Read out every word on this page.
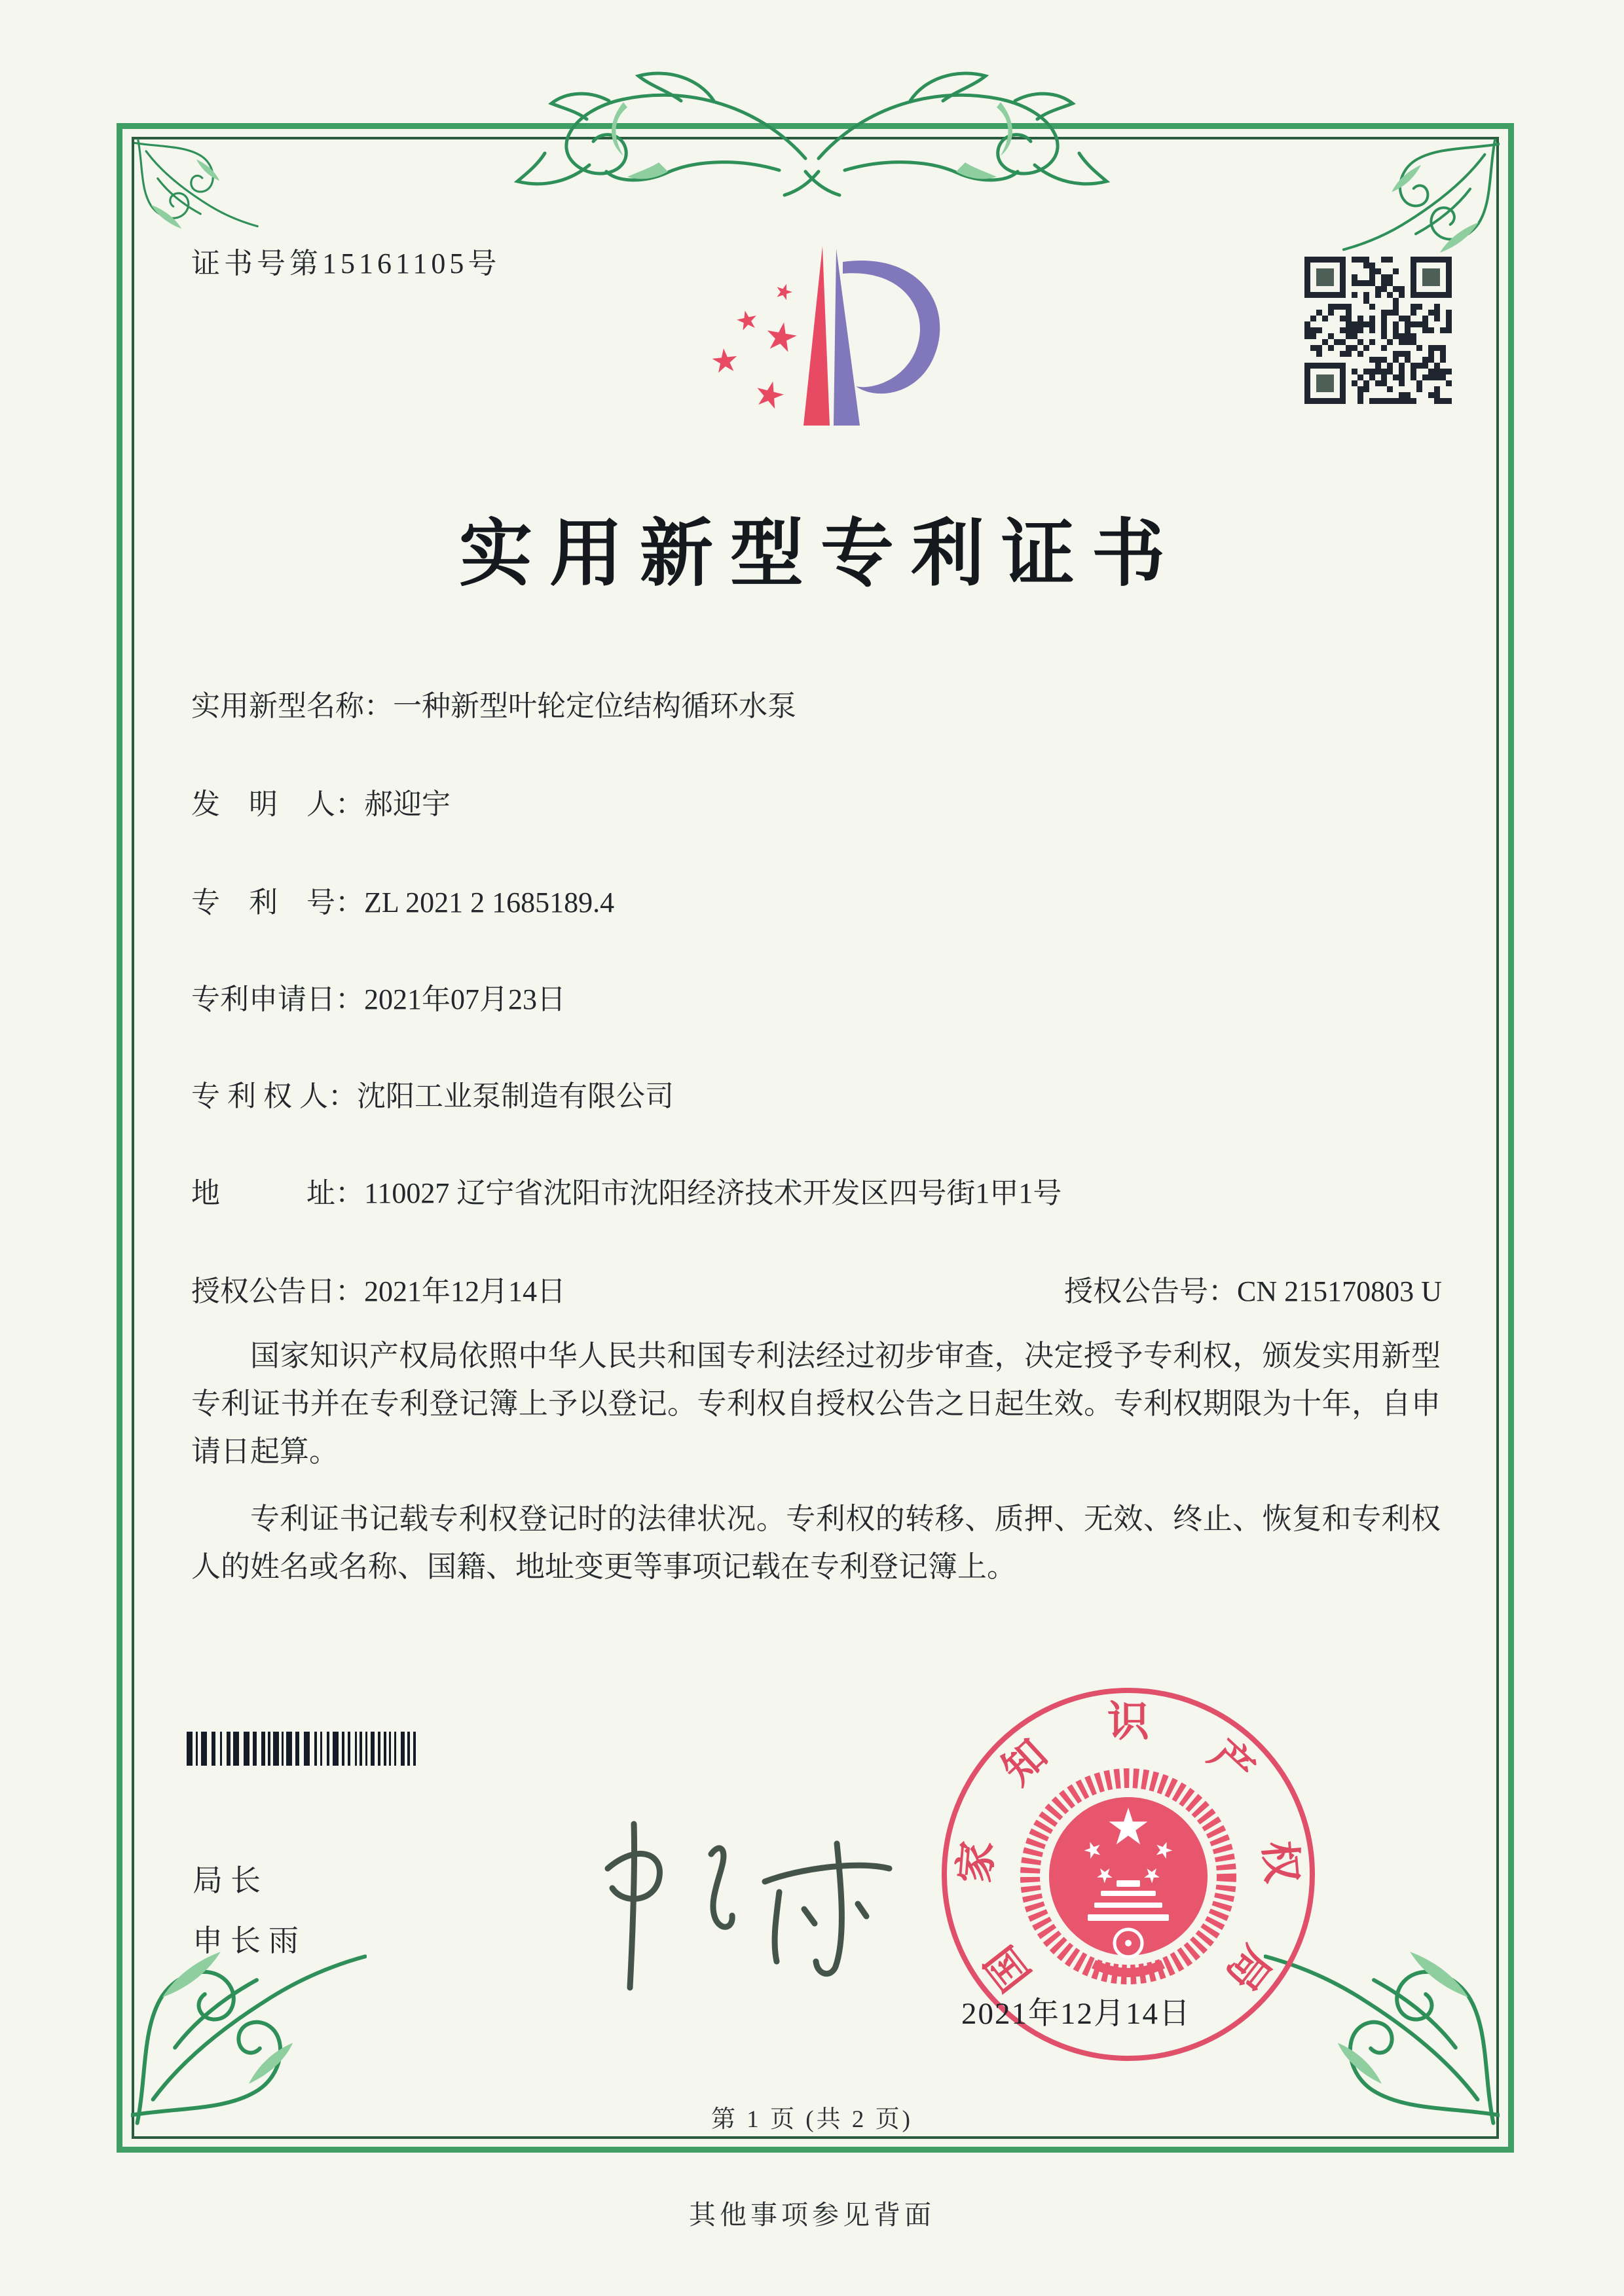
证书号第15161105号
实用新型专利证书
实用新型名称：一种新型叶轮定位结构循环水泵
发　明　人：郝迎宇
专　利　号：ZL 2021 2 1685189.4
专利申请日：2021年07月23日
专 利 权 人：沈阳工业泵制造有限公司
地　　　址：110027 辽宁省沈阳市沈阳经济技术开发区四号街1甲1号
授权公告日：2021年12月14日	授权公告号：CN 215170803 U

国家知识产权局依照中华人民共和国专利法经过初步审查，决定授予专利权，颁发实用新型专利证书并在专利登记簿上予以登记。专利权自授权公告之日起生效。专利权期限为十年，自申请日起算。

专利证书记载专利权登记时的法律状况。专利权的转移、质押、无效、终止、恢复和专利权人的姓名或名称、国籍、地址变更等事项记载在专利登记簿上。

局长
申长雨	国
家
知
识
产
权
局
2021年12月14日
第 1 页 (共 2 页)
其他事项参见背面
